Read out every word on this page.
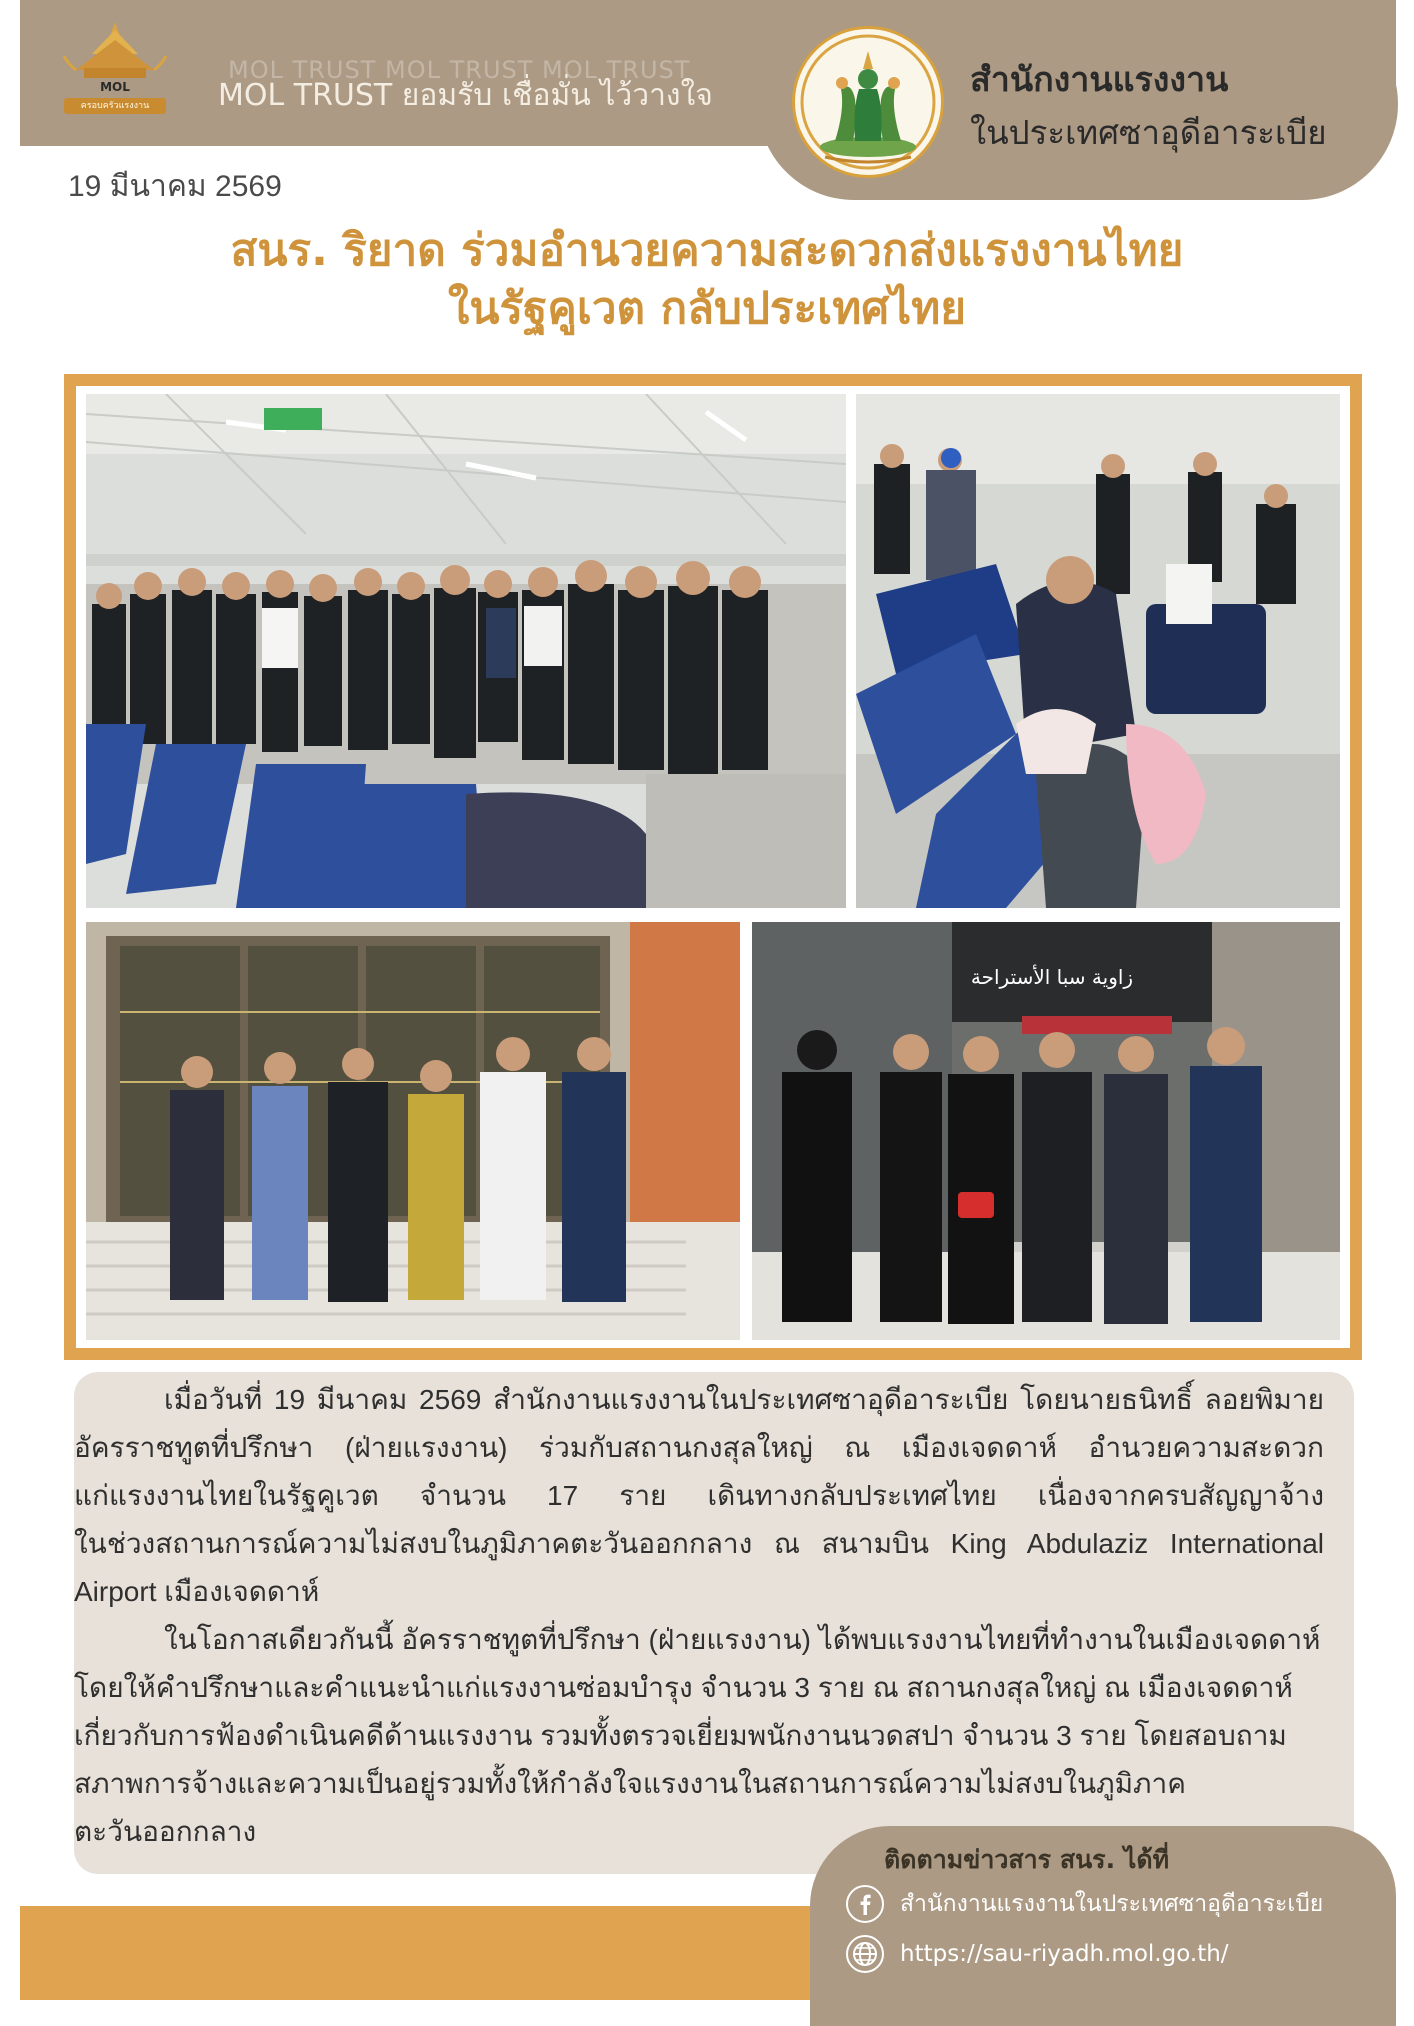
MOL
ครอบครัวแรงงาน
MOL TRUST MOL TRUST MOL TRUST
MOL TRUST ยอมรับ เชื่อมั่น ไว้วางใจ	สำนักงานแรงงาน
ในประเทศซาอุดีอาระเบีย
19 มีนาคม 2569
สนร. ริยาด ร่วมอำนวยความสะดวกส่งแรงงานไทย
ในรัฐคูเวต กลับประเทศไทย
زاوية سبا الأستراحة
เมื่อวันที่ 19 มีนาคม 2569 สำนักงานแรงงานในประเทศซาอุดีอาระเบีย โดยนายธนิทธิ์ ลอยพิมาย
อัครราชทูตที่ปรึกษา (ฝ่ายแรงงาน) ร่วมกับสถานกงสุลใหญ่ ณ เมืองเจดดาห์ อำนวยความสะดวก
แก่แรงงานไทยในรัฐคูเวต จำนวน 17 ราย เดินทางกลับประเทศไทย เนื่องจากครบสัญญาจ้าง
ในช่วงสถานการณ์ความไม่สงบในภูมิภาคตะวันออกกลาง ณ สนามบิน King Abdulaziz International
Airport เมืองเจดดาห์
ในโอกาสเดียวกันนี้ อัครราชทูตที่ปรึกษา (ฝ่ายแรงงาน) ได้พบแรงงานไทยที่ทำงานในเมืองเจดดาห์
โดยให้คำปรึกษาและคำแนะนำแก่แรงงานซ่อมบำรุง จำนวน 3 ราย ณ สถานกงสุลใหญ่ ณ เมืองเจดดาห์
เกี่ยวกับการฟ้องดำเนินคดีด้านแรงงาน รวมทั้งตรวจเยี่ยมพนักงานนวดสปา จำนวน 3 ราย โดยสอบถาม
สภาพการจ้างและความเป็นอยู่รวมทั้งให้กำลังใจแรงงานในสถานการณ์ความไม่สงบในภูมิภาค
ตะวันออกกลาง
ติดตามข่าวสาร สนร. ได้ที่
สำนักงานแรงงานในประเทศซาอุดีอาระเบีย
https://sau-riyadh.mol.go.th/
